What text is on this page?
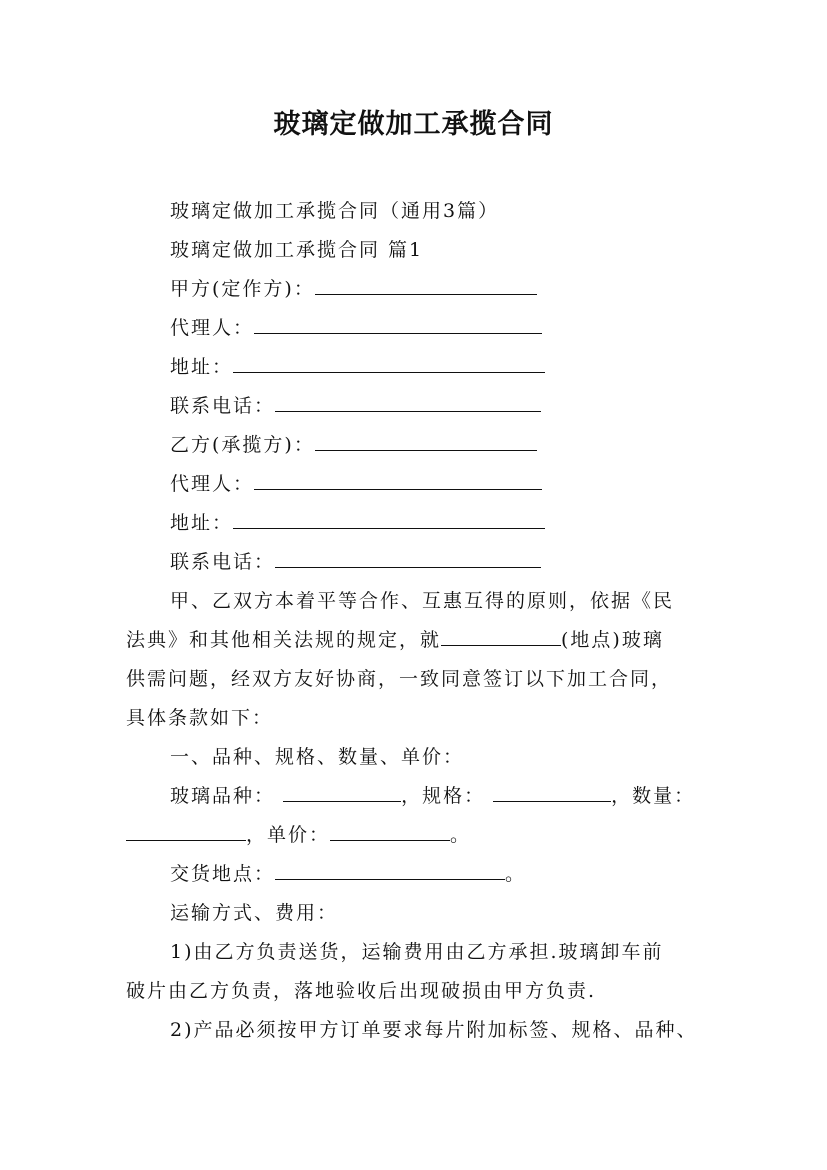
玻璃定做加工承揽合同
玻璃定做加工承揽合同（通用3篇）
玻璃定做加工承揽合同 篇1
甲方(定作方)：
代理人：
地址：
联系电话：
乙方(承揽方)：
代理人：
地址：
联系电话：
甲、乙双方本着平等合作、互惠互得的原则，依据《民
法典》和其他相关法规的规定，就	(地点)玻璃
供需问题，经双方友好协商，一致同意签订以下加工合同，
具体条款如下：
一、品种、规格、数量、单价：
玻璃品种：	，规格：	，数量：
，单价：	。
交货地点：	。
运输方式、费用：
1)由乙方负责送货，运输费用由乙方承担.玻璃卸车前
破片由乙方负责，落地验收后出现破损由甲方负责.
2)产品必须按甲方订单要求每片附加标签、规格、品种、
